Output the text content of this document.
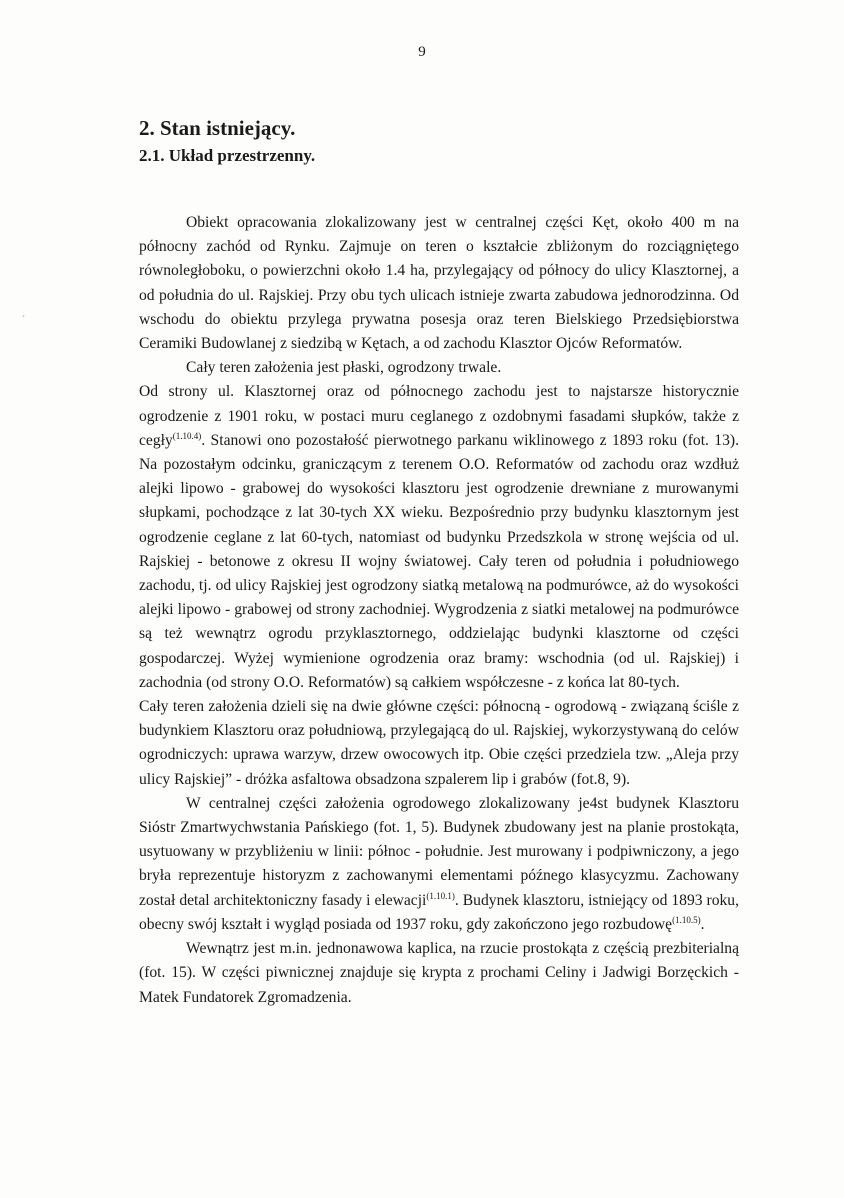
9
ˊ

2. Stan istniejący.

2.1. Układ przestrzenny.

Obiekt opracowania zlokalizowany jest w centralnej części Kęt, około 400 m na północny zachód od Rynku. Zajmuje on teren o kształcie zbliżonym do rozciągniętego równoległoboku, o powierzchni około 1.4 ha, przylegający od północy do ulicy Klasztornej, a od południa do ul. Rajskiej. Przy obu tych ulicach istnieje zwarta zabudowa jednorodzinna. Od wschodu do obiektu przylega prywatna posesja oraz teren Bielskiego Przedsiębiorstwa Ceramiki Budowlanej z siedzibą w Kętach, a od zachodu Klasztor Ojców Reformatów.

Cały teren założenia jest płaski, ogrodzony trwale.

Od strony ul. Klasztornej oraz od północnego zachodu jest to najstarsze historycznie ogrodzenie z 1901 roku, w postaci muru ceglanego z ozdobnymi fasadami słupków, także z cegły$^{(1.10.4)}$. Stanowi ono pozostałość pierwotnego parkanu wiklinowego z 1893 roku (fot. 13). Na pozostałym odcinku, graniczącym z terenem O.O. Reformatów od zachodu oraz wzdłuż alejki lipowo - grabowej do wysokości klasztoru jest ogrodzenie drewniane z murowanymi słupkami, pochodzące z lat 30-tych XX wieku. Bezpośrednio przy budynku klasztornym jest ogrodzenie ceglane z lat 60-tych, natomiast od budynku Przedszkola w stronę wejścia od ul. Rajskiej - betonowe z okresu II wojny światowej. Cały teren od południa i południowego zachodu, tj. od ulicy Rajskiej jest ogrodzony siatką metalową na podmurówce, aż do wysokości alejki lipowo - grabowej od strony zachodniej. Wygrodzenia z siatki metalowej na podmurówce są też wewnątrz ogrodu przyklasztornego, oddzielając budynki klasztorne od części gospodarczej. Wyżej wymienione ogrodzenia oraz bramy: wschodnia (od ul. Rajskiej) i zachodnia (od strony O.O. Reformatów) są całkiem współczesne - z końca lat 80-tych.

Cały teren założenia dzieli się na dwie główne części: północną - ogrodową - związaną ściśle z budynkiem Klasztoru oraz południową, przylegającą do ul. Rajskiej, wykorzystywaną do celów ogrodniczych: uprawa warzyw, drzew owocowych itp. Obie części przedziela tzw. „Aleja przy ulicy Rajskiej” - dróżka asfaltowa obsadzona szpalerem lip i grabów (fot.8, 9).

W centralnej części założenia ogrodowego zlokalizowany je4st budynek Klasztoru Sióstr Zmartwychwstania Pańskiego (fot. 1, 5). Budynek zbudowany jest na planie prostokąta, usytuowany w przybliżeniu w linii: północ - południe. Jest murowany i podpiwniczony, a jego bryła reprezentuje historyzm z zachowanymi elementami późnego klasycyzmu. Zachowany został detal architektoniczny fasady i elewacji$^{(1.10.1)}$. Budynek klasztoru, istniejący od 1893 roku, obecny swój kształt i wygląd posiada od 1937 roku, gdy zakończono jego rozbudowę$^{(1.10.5)}$.

Wewnątrz jest m.in. jednonawowa kaplica, na rzucie prostokąta z częścią prezbiterialną (fot. 15). W części piwnicznej znajduje się krypta z prochami Celiny i Jadwigi Borzęckich - Matek Fundatorek Zgromadzenia.
